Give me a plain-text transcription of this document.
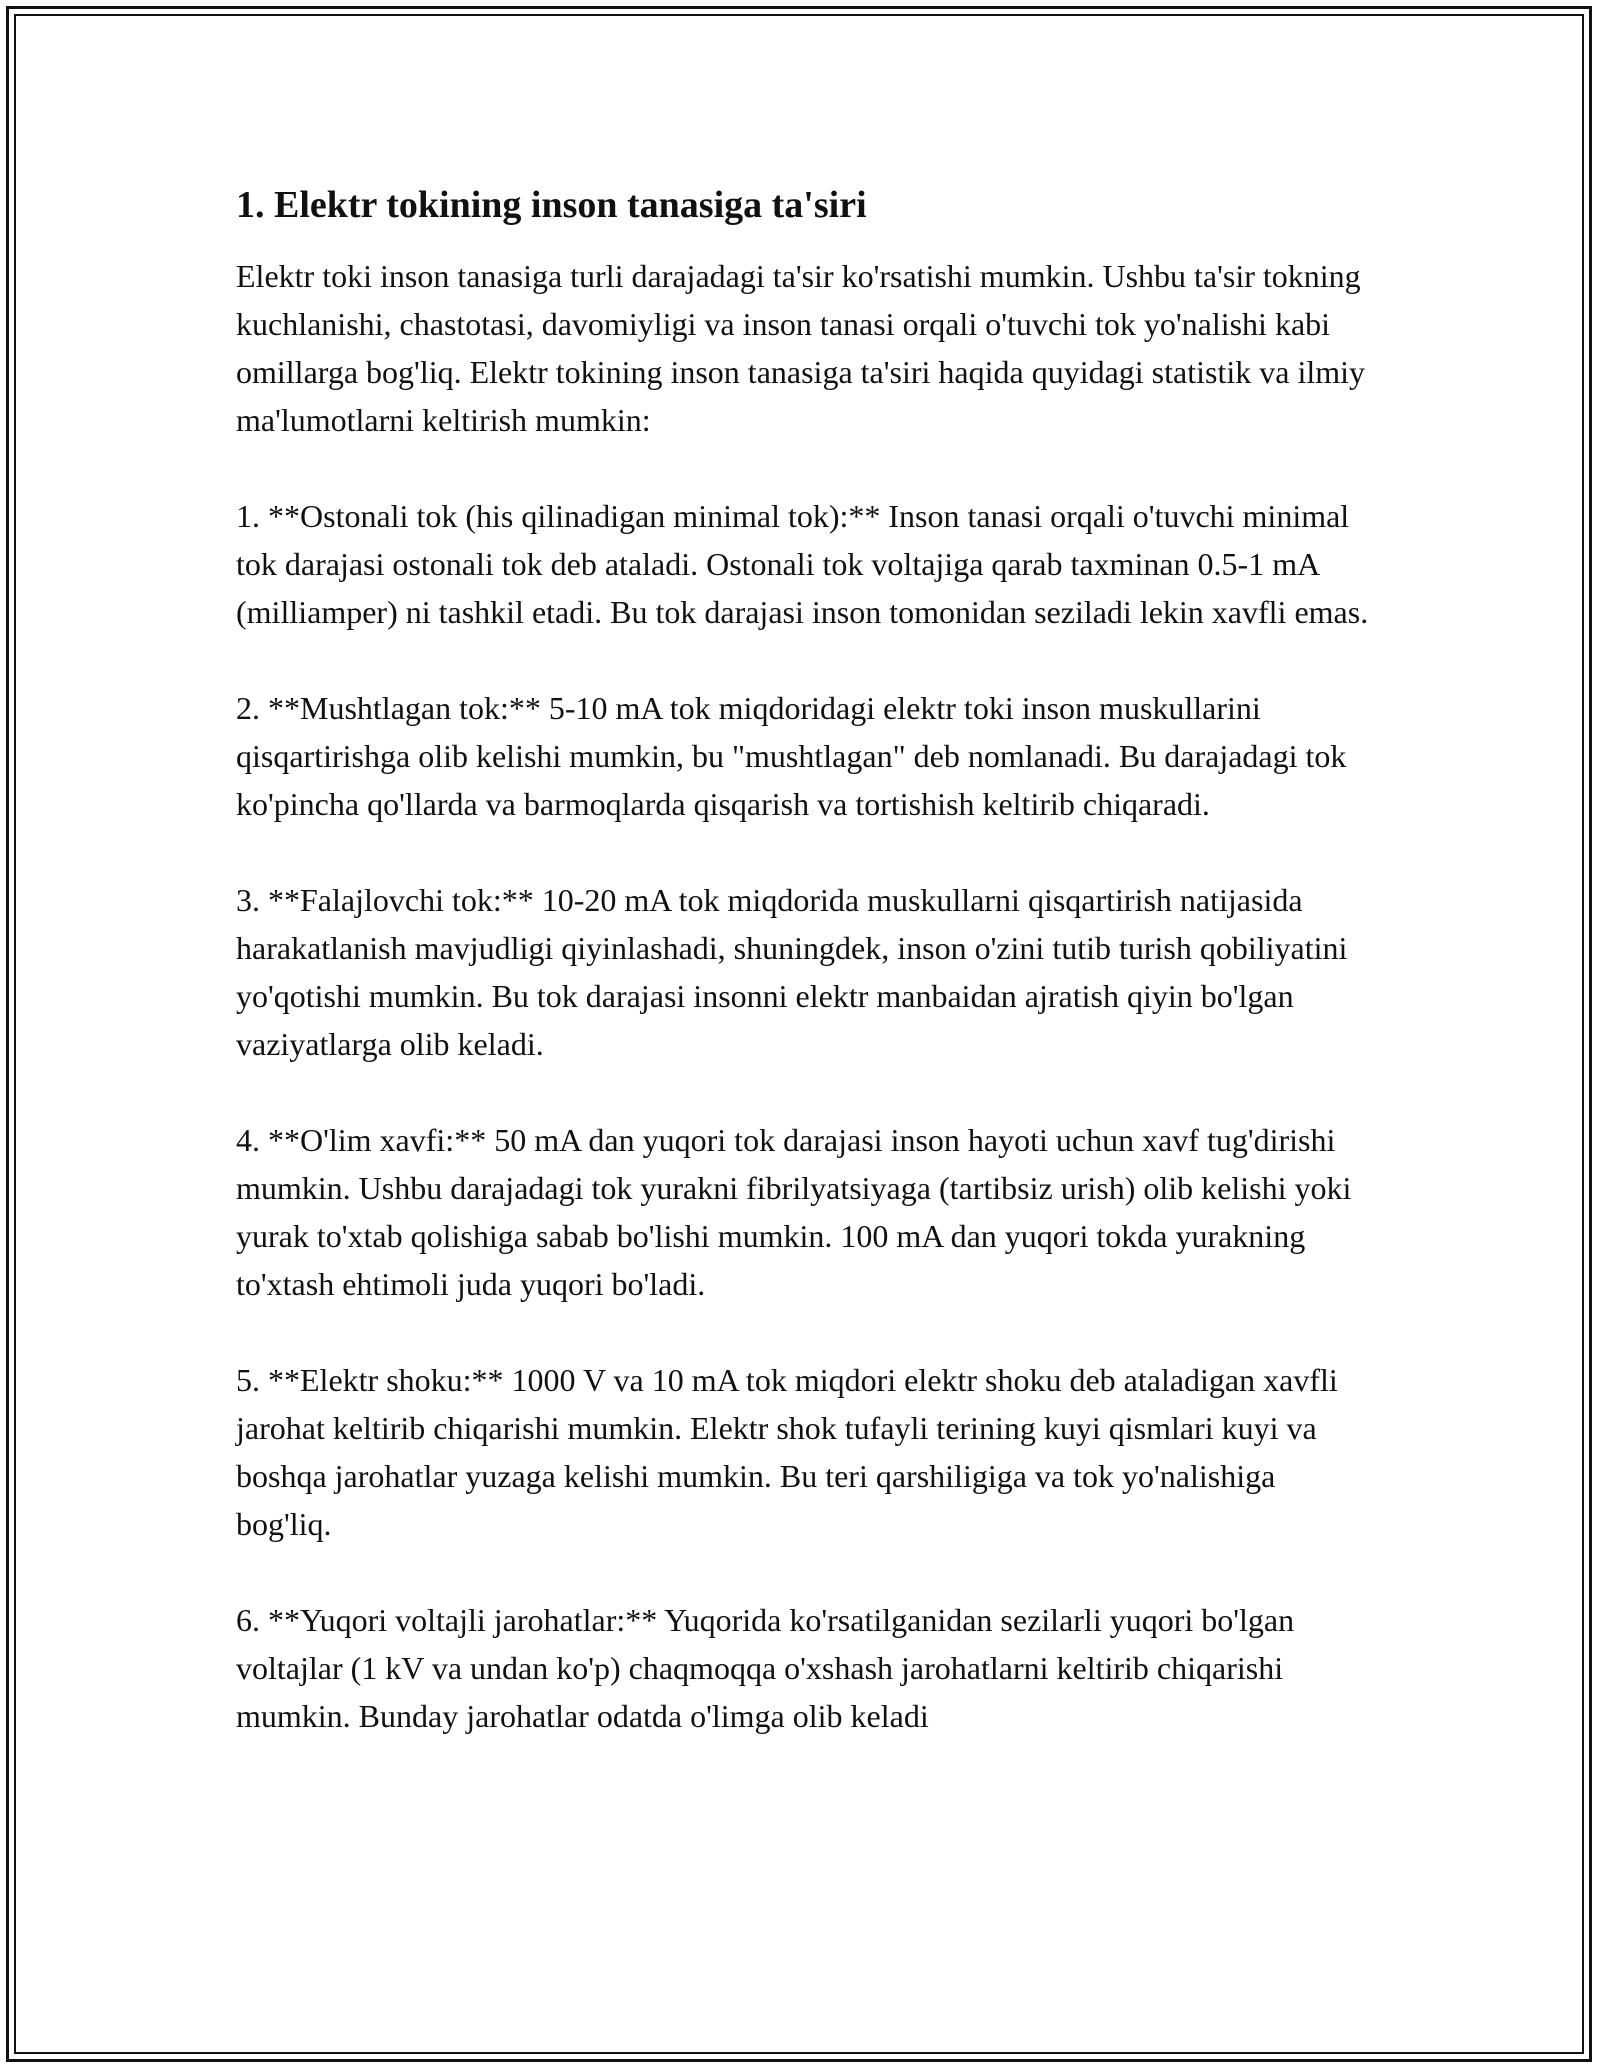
1. Elektr tokining inson tanasiga ta'siri

Elektr toki inson tanasiga turli darajadagi ta'sir ko'rsatishi mumkin. Ushbu ta'sir tokning kuchlanishi, chastotasi, davomiyligi va inson tanasi orqali o'tuvchi tok yo'nalishi kabi omillarga bog'liq. Elektr tokining inson tanasiga ta'siri haqida quyidagi statistik va ilmiy ma'lumotlarni keltirish mumkin:

1. **Ostonali tok (his qilinadigan minimal tok):** Inson tanasi orqali o'tuvchi minimal tok darajasi ostonali tok deb ataladi. Ostonali tok voltajiga qarab taxminan 0.5-1 mA (milliamper) ni tashkil etadi. Bu tok darajasi inson tomonidan seziladi lekin xavfli emas.

2. **Mushtlagan tok:** 5-10 mA tok miqdoridagi elektr toki inson muskullarini qisqartirishga olib kelishi mumkin, bu "mushtlagan" deb nomlanadi. Bu darajadagi tok ko'pincha qo'llarda va barmoqlarda qisqarish va tortishish keltirib chiqaradi.

3. **Falajlovchi tok:** 10-20 mA tok miqdorida muskullarni qisqartirish natijasida harakatlanish mavjudligi qiyinlashadi, shuningdek, inson o'zini tutib turish qobiliyatini yo'qotishi mumkin. Bu tok darajasi insonni elektr manbaidan ajratish qiyin bo'lgan vaziyatlarga olib keladi.

4. **O'lim xavfi:** 50 mA dan yuqori tok darajasi inson hayoti uchun xavf tug'dirishi mumkin. Ushbu darajadagi tok yurakni fibrilyatsiyaga (tartibsiz urish) olib kelishi yoki yurak to'xtab qolishiga sabab bo'lishi mumkin. 100 mA dan yuqori tokda yurakning to'xtash ehtimoli juda yuqori bo'ladi.

5. **Elektr shoku:** 1000 V va 10 mA tok miqdori elektr shoku deb ataladigan xavfli jarohat keltirib chiqarishi mumkin. Elektr shok tufayli terining kuyi qismlari kuyi va boshqa jarohatlar yuzaga kelishi mumkin. Bu teri qarshiligiga va tok yo'nalishiga bog'liq.

6. **Yuqori voltajli jarohatlar:** Yuqorida ko'rsatilganidan sezilarli yuqori bo'lgan voltajlar (1 kV va undan ko'p) chaqmoqqa o'xshash jarohatlarni keltirib chiqarishi mumkin. Bunday jarohatlar odatda o'limga olib keladi
